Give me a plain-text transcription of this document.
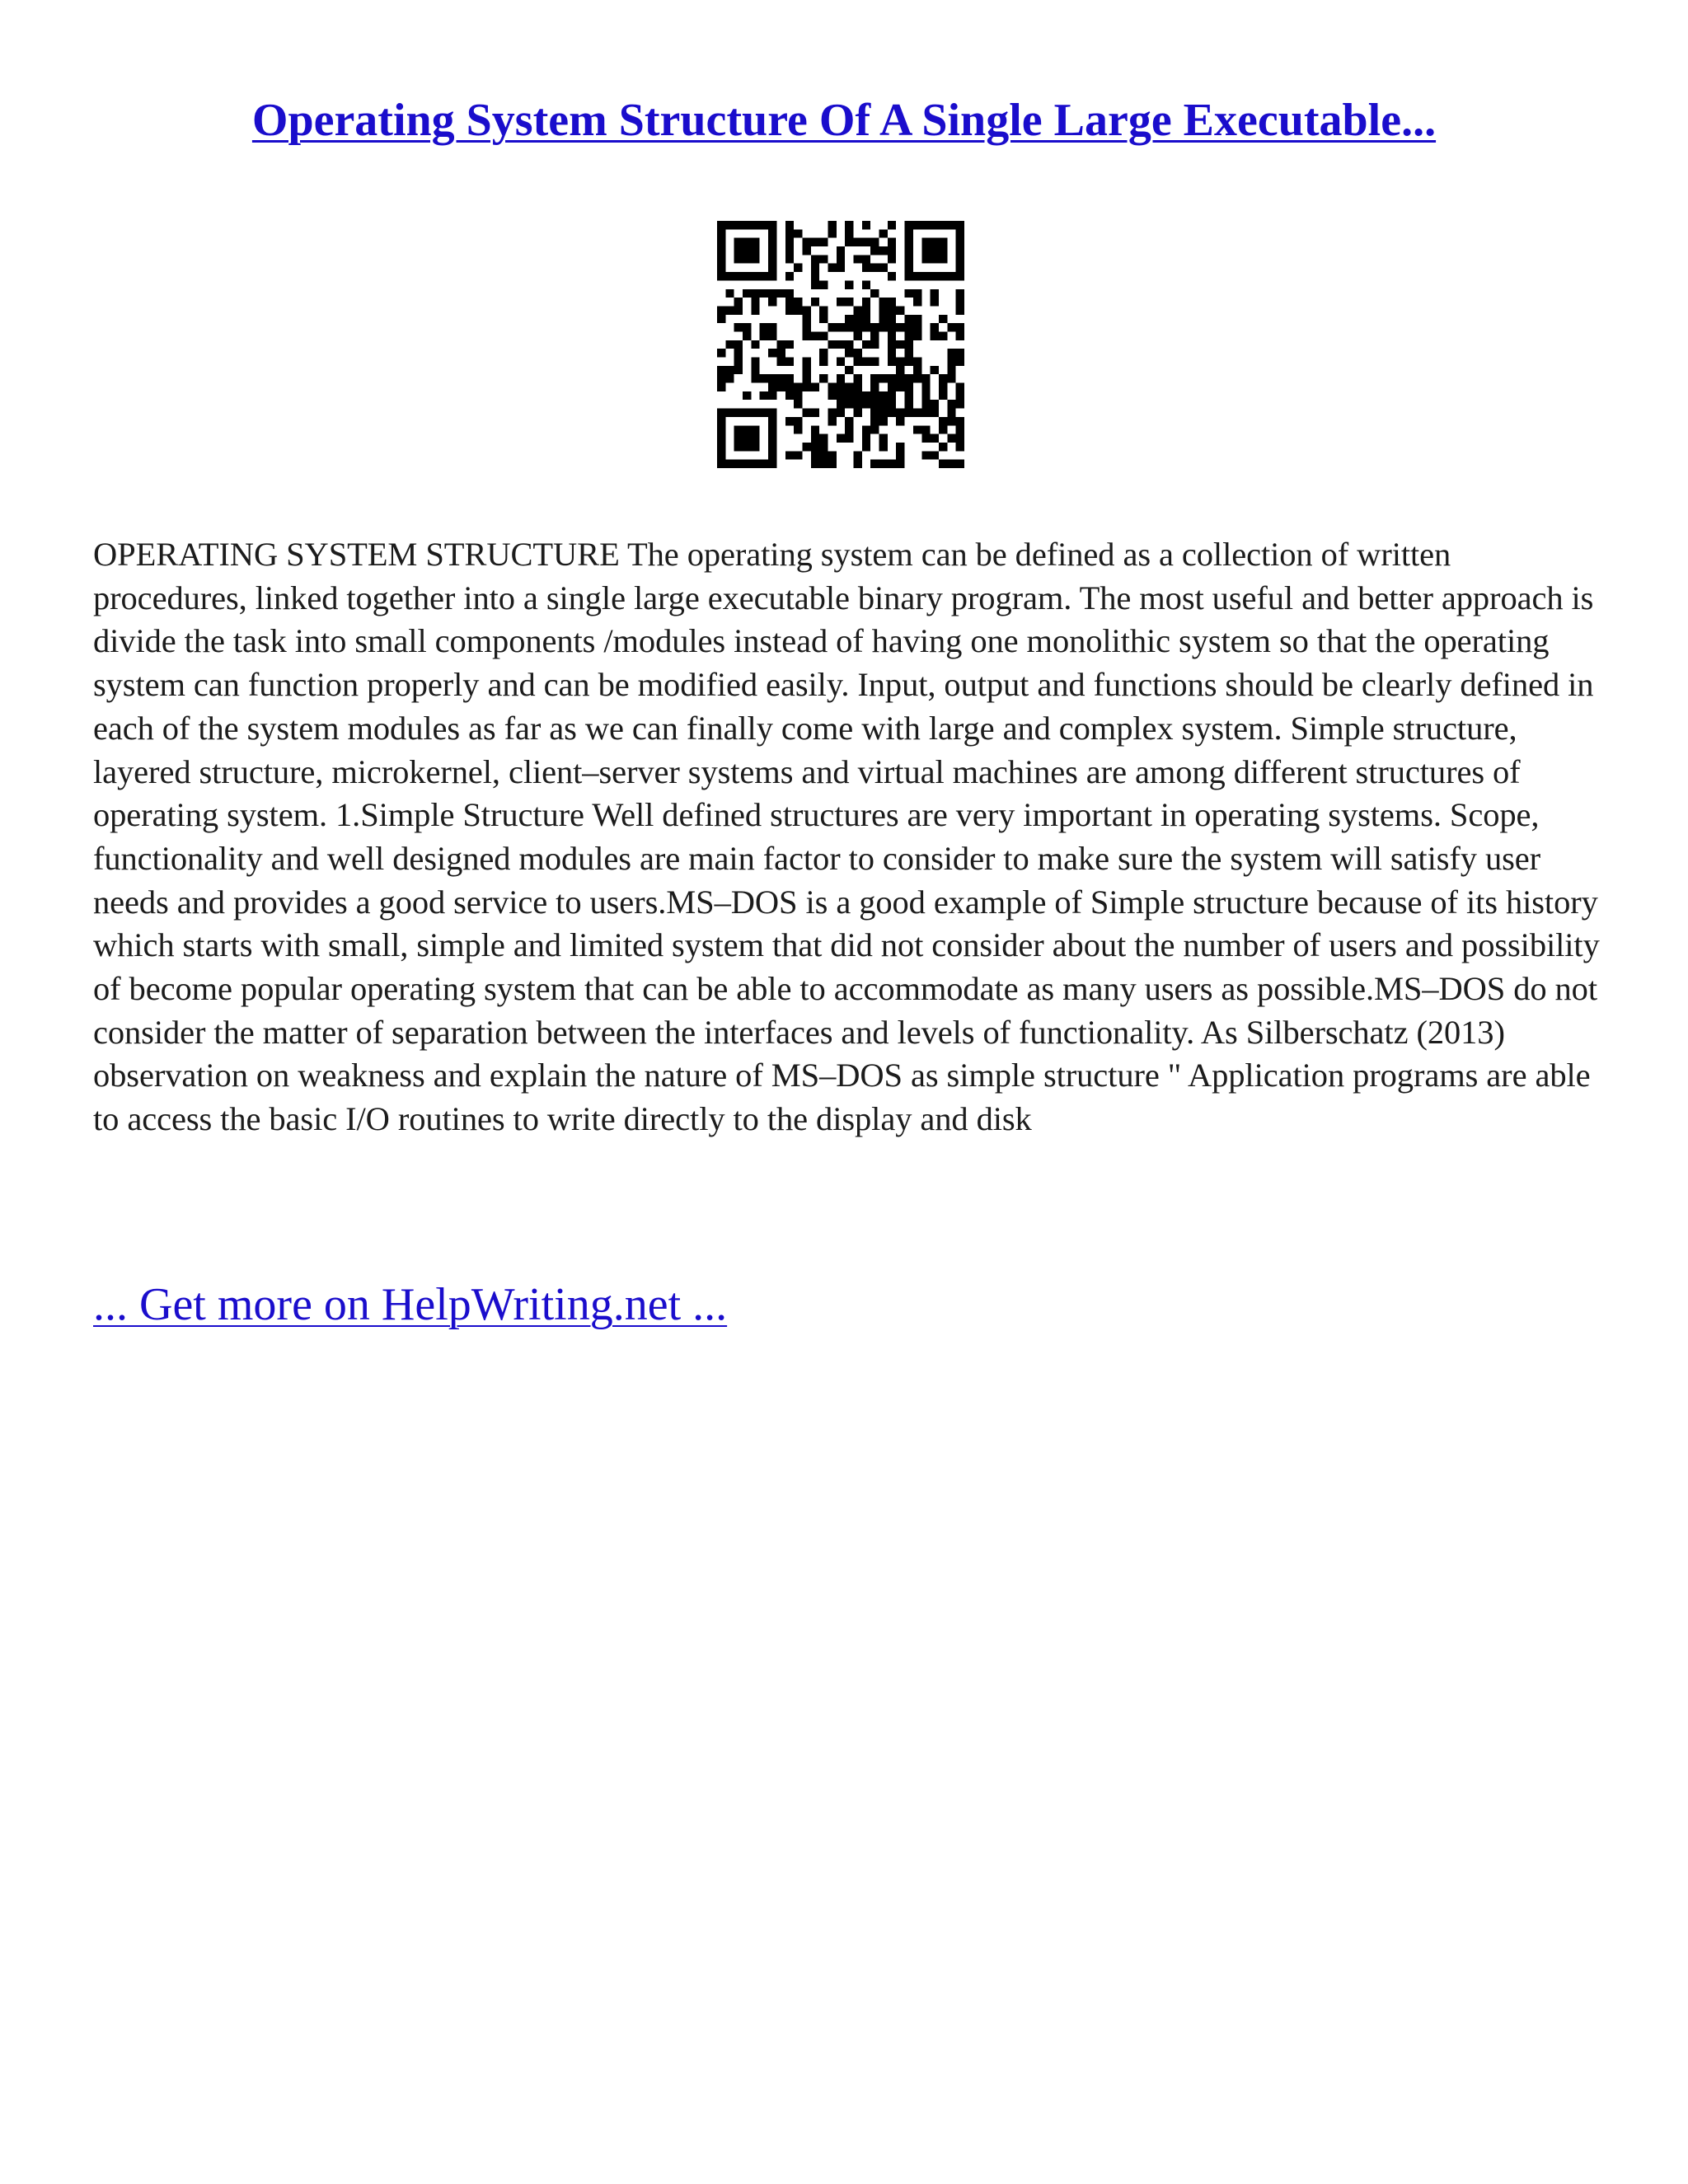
Operating System Structure Of A Single Large Executable...

OPERATING SYSTEM STRUCTURE The operating system can be defined as a collection of written procedures, linked together into a single large executable binary program. The most useful and better approach is divide the task into small components /modules instead of having one monolithic system so that the operating system can function properly and can be modified easily. Input, output and functions should be clearly defined in each of the system modules as far as we can finally come with large and complex system. Simple structure, layered structure, microkernel, client–server systems and virtual machines are among different structures of operating system. 1.Simple Structure Well defined structures are very important in operating systems. Scope, functionality and well designed modules are main factor to consider to make sure the system will satisfy user needs and provides a good service to users.MS–DOS is a good example of Simple structure because of its history which starts with small, simple and limited system that did not consider about the number of users and possibility of become popular operating system that can be able to accommodate as many users as possible.MS–DOS do not consider the matter of separation between the interfaces and levels of functionality. As Silberschatz (2013) observation on weakness and explain the nature of MS–DOS as simple structure " Application programs are able to access the basic I/O routines to write directly to the display and disk

... Get more on HelpWriting.net ...
